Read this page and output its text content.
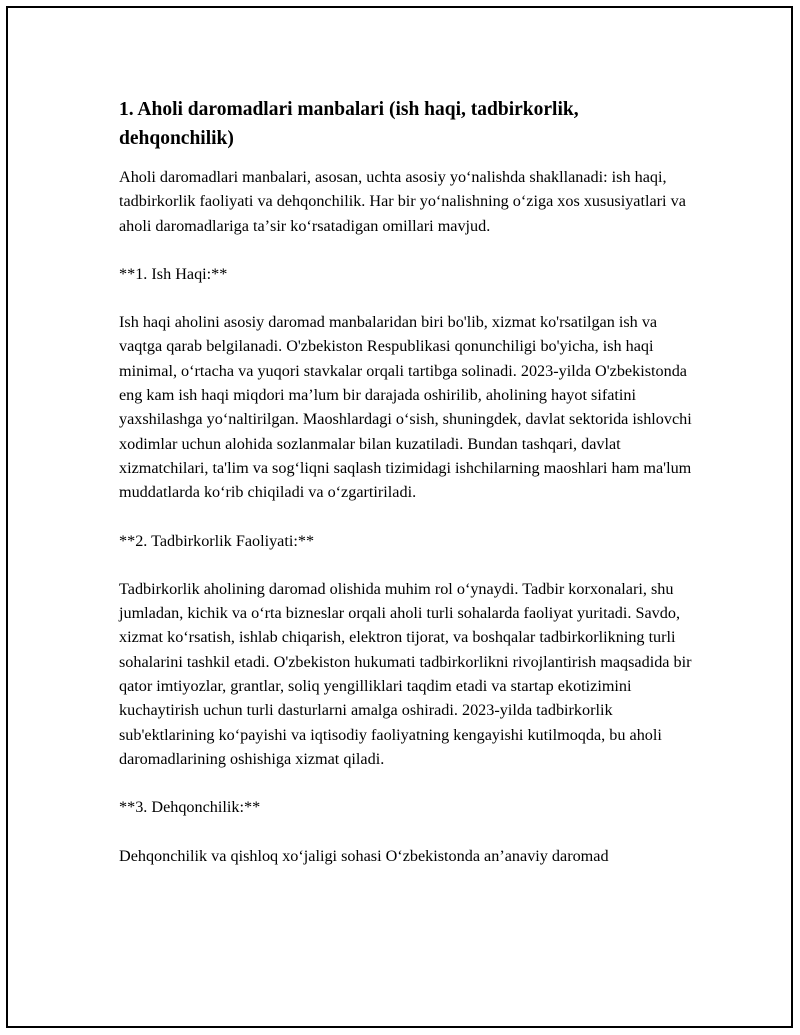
1. Aholi daromadlari manbalari (ish haqi, tadbirkorlik, dehqonchilik)

Aholi daromadlari manbalari, asosan, uchta asosiy yoʻnalishda shakllanadi: ish haqi, tadbirkorlik faoliyati va dehqonchilik. Har bir yoʻnalishning oʻziga xos xususiyatlari va aholi daromadlariga taʼsir koʻrsatadigan omillari mavjud.

**1. Ish Haqi:**

Ish haqi aholini asosiy daromad manbalaridan biri bo'lib, xizmat ko'rsatilgan ish va vaqtga qarab belgilanadi. O'zbekiston Respublikasi qonunchiligi bo'yicha, ish haqi minimal, oʻrtacha va yuqori stavkalar orqali tartibga solinadi. 2023-yilda O'zbekistonda eng kam ish haqi miqdori maʼlum bir darajada oshirilib, aholining hayot sifatini yaxshilashga yoʻnaltirilgan. Maoshlardagi oʻsish, shuningdek, davlat sektorida ishlovchi xodimlar uchun alohida sozlanmalar bilan kuzatiladi. Bundan tashqari, davlat xizmatchilari, ta'lim va sogʻliqni saqlash tizimidagi ishchilarning maoshlari ham ma'lum muddatlarda koʻrib chiqiladi va oʻzgartiriladi.

**2. Tadbirkorlik Faoliyati:**

Tadbirkorlik aholining daromad olishida muhim rol oʻynaydi. Tadbir korxonalari, shu jumladan, kichik va oʻrta bizneslar orqali aholi turli sohalarda faoliyat yuritadi. Savdo, xizmat koʻrsatish, ishlab chiqarish, elektron tijorat, va boshqalar tadbirkorlikning turli sohalarini tashkil etadi. O'zbekiston hukumati tadbirkorlikni rivojlantirish maqsadida bir qator imtiyozlar, grantlar, soliq yengilliklari taqdim etadi va startap ekotizimini kuchaytirish uchun turli dasturlarni amalga oshiradi. 2023-yilda tadbirkorlik sub'ektlarining koʻpayishi va iqtisodiy faoliyatning kengayishi kutilmoqda, bu aholi daromadlarining oshishiga xizmat qiladi.

**3. Dehqonchilik:**

Dehqonchilik va qishloq xoʻjaligi sohasi Oʻzbekistonda an’anaviy daromad
